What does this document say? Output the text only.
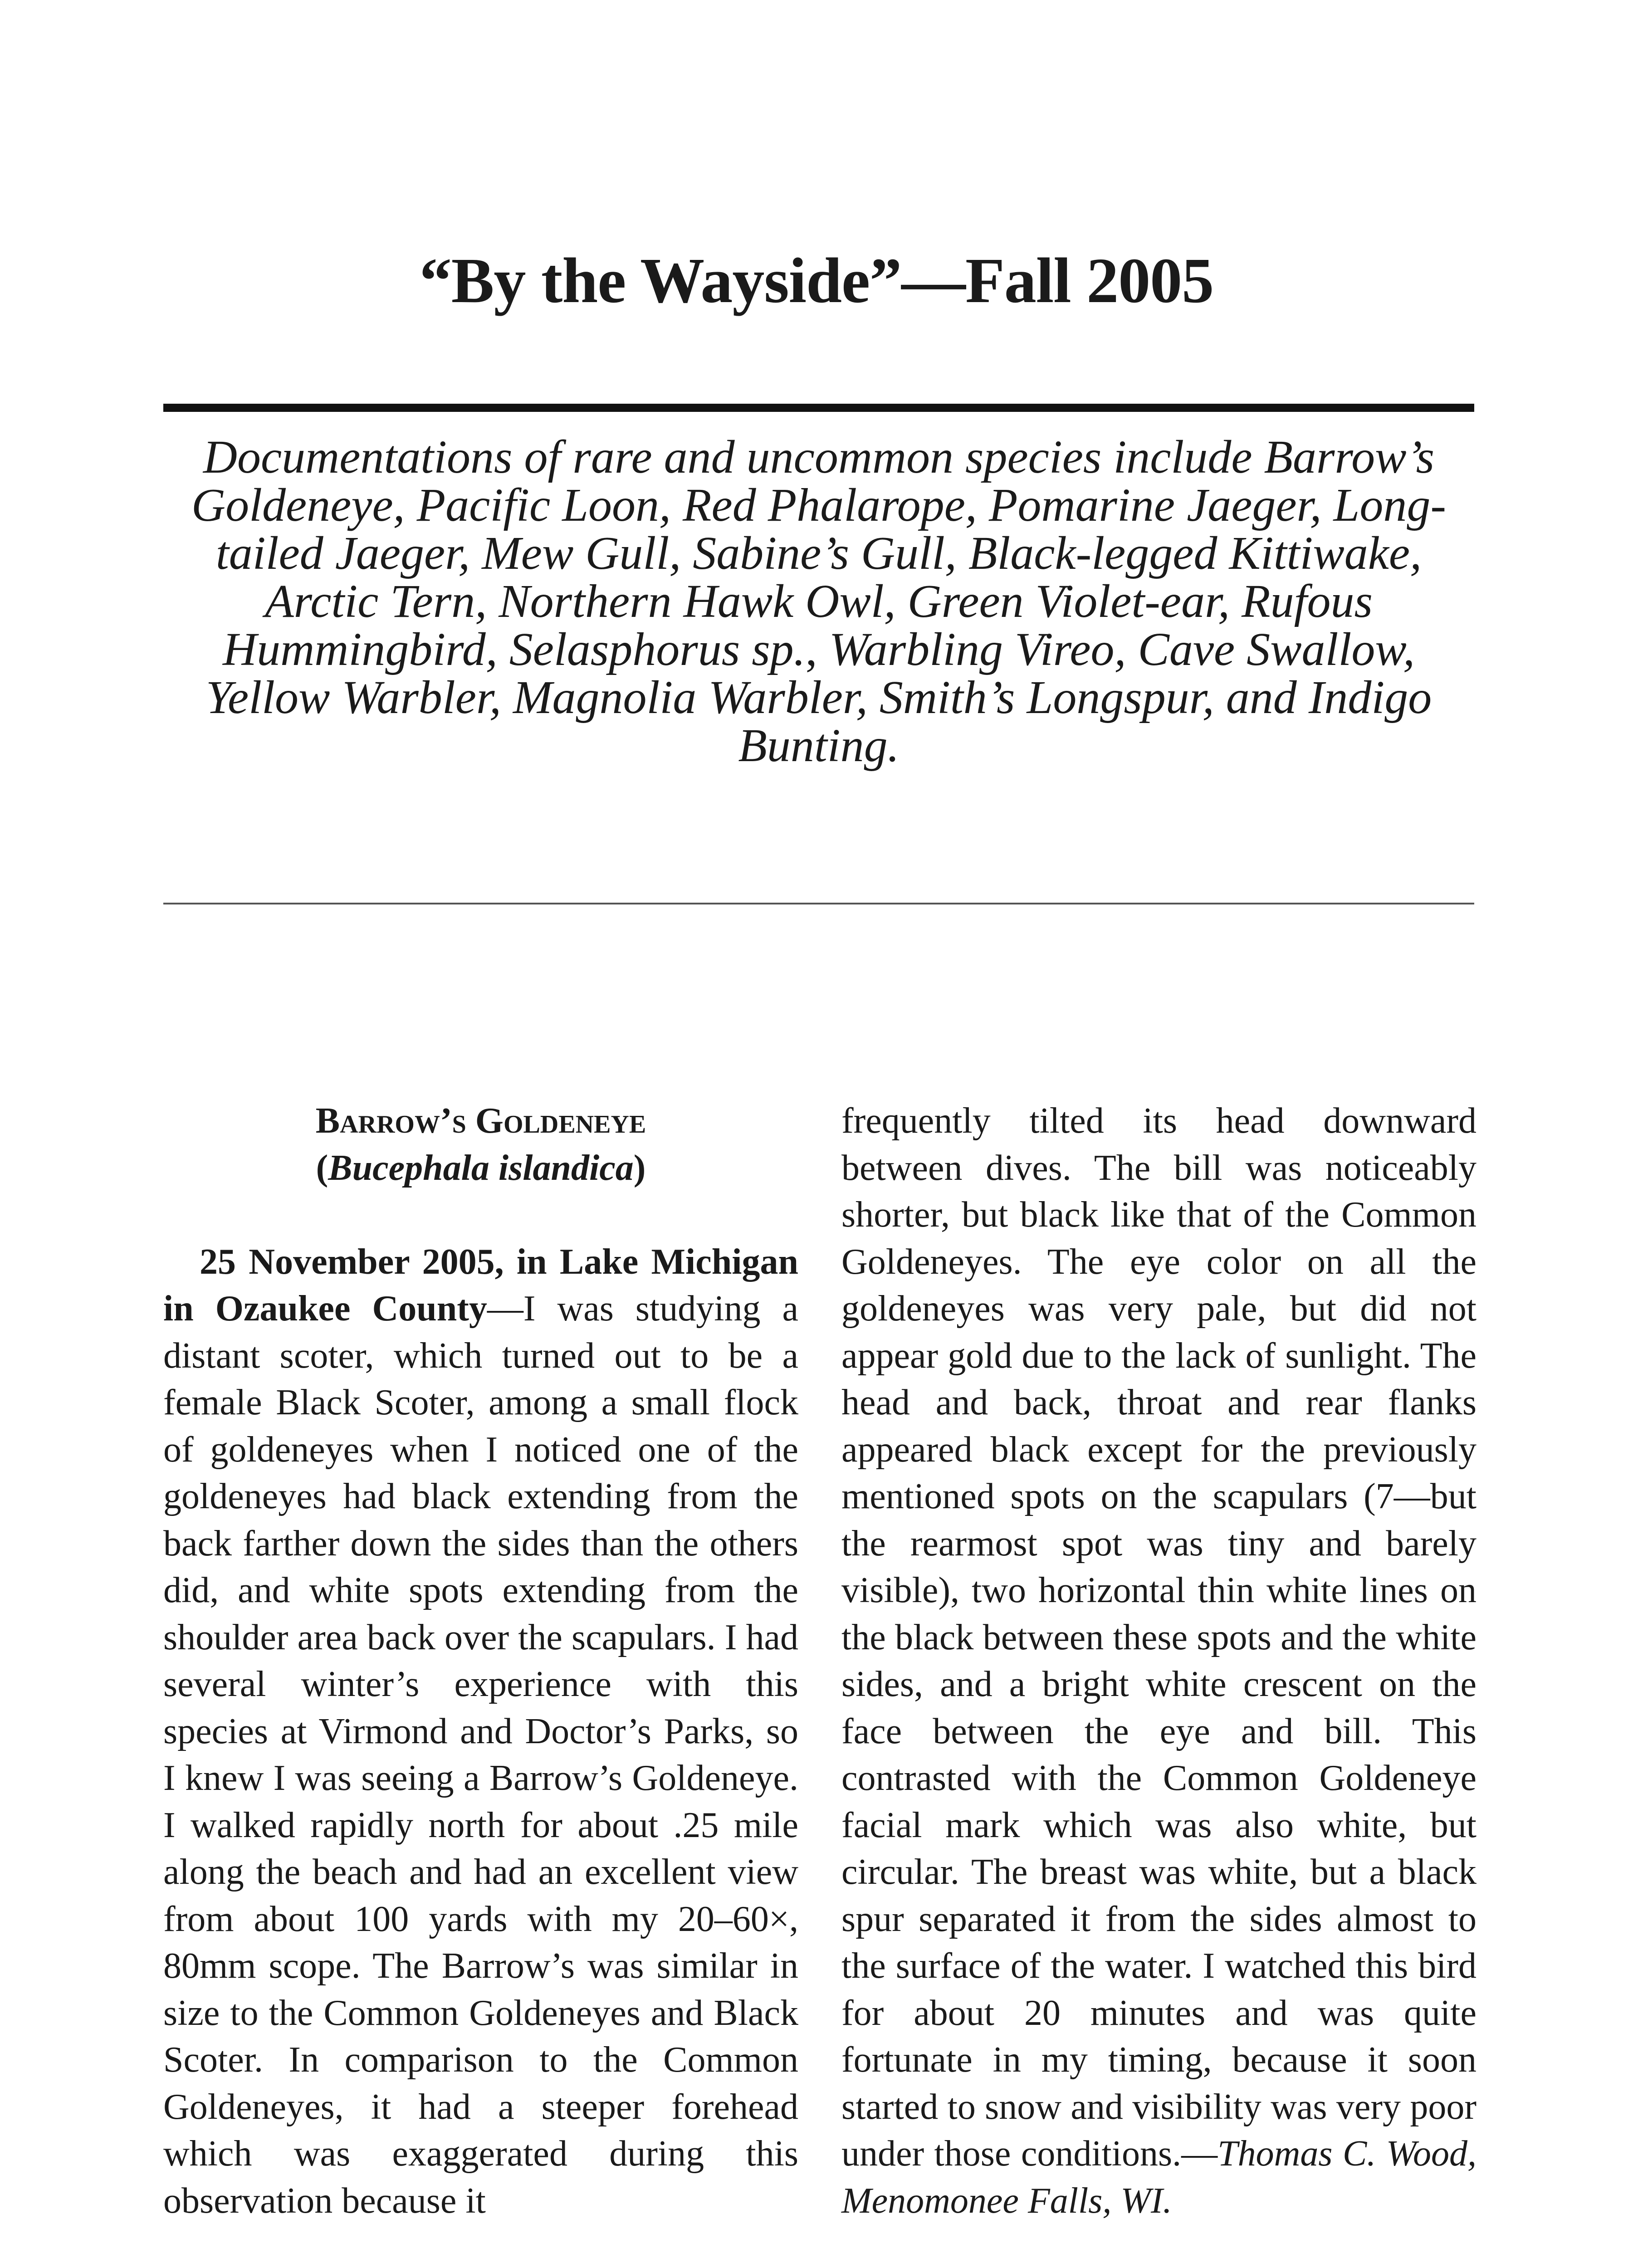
“By the Wayside”—Fall 2005
Documentations of rare and uncommon species include Barrow’s Goldeneye, Pacific Loon, Red Phalarope, Pomarine Jaeger, Long-tailed Jaeger, Mew Gull, Sabine’s Gull, Black-legged Kittiwake, Arctic Tern, Northern Hawk Owl, Green Violet-ear, Rufous Hummingbird, Selasphorus sp., Warbling Vireo, Cave Swallow, Yellow Warbler, Magnolia Warbler, Smith’s Longspur, and Indigo Bunting.

Barrow’s Goldeneye

(Bucephala islandica)

25 November 2005, in Lake Michigan in Ozaukee County—I was studying a distant scoter, which turned out to be a female Black Scoter, among a small flock of goldeneyes when I noticed one of the goldeneyes had black extending from the back farther down the sides than the others did, and white spots extending from the shoulder area back over the scapulars. I had several winter’s experience with this species at Virmond and Doctor’s Parks, so I knew I was seeing a Barrow’s Goldeneye. I walked rapidly north for about .25 mile along the beach and had an excellent view from about 100 yards with my 20–60×, 80mm scope. The Barrow’s was similar in size to the Common Goldeneyes and Black Scoter. In comparison to the Common Goldeneyes, it had a steeper forehead which was exaggerated during this observation because it

frequently tilted its head downward between dives. The bill was noticeably shorter, but black like that of the Common Goldeneyes. The eye color on all the goldeneyes was very pale, but did not appear gold due to the lack of sunlight. The head and back, throat and rear flanks appeared black except for the previously mentioned spots on the scapulars (7—but the rearmost spot was tiny and barely visible), two horizontal thin white lines on the black between these spots and the white sides, and a bright white crescent on the face between the eye and bill. This contrasted with the Common Goldeneye facial mark which was also white, but circular. The breast was white, but a black spur separated it from the sides almost to the surface of the water. I watched this bird for about 20 minutes and was quite fortunate in my timing, because it soon started to snow and visibility was very poor under those conditions.—Thomas C. Wood, Menomonee Falls, WI.
